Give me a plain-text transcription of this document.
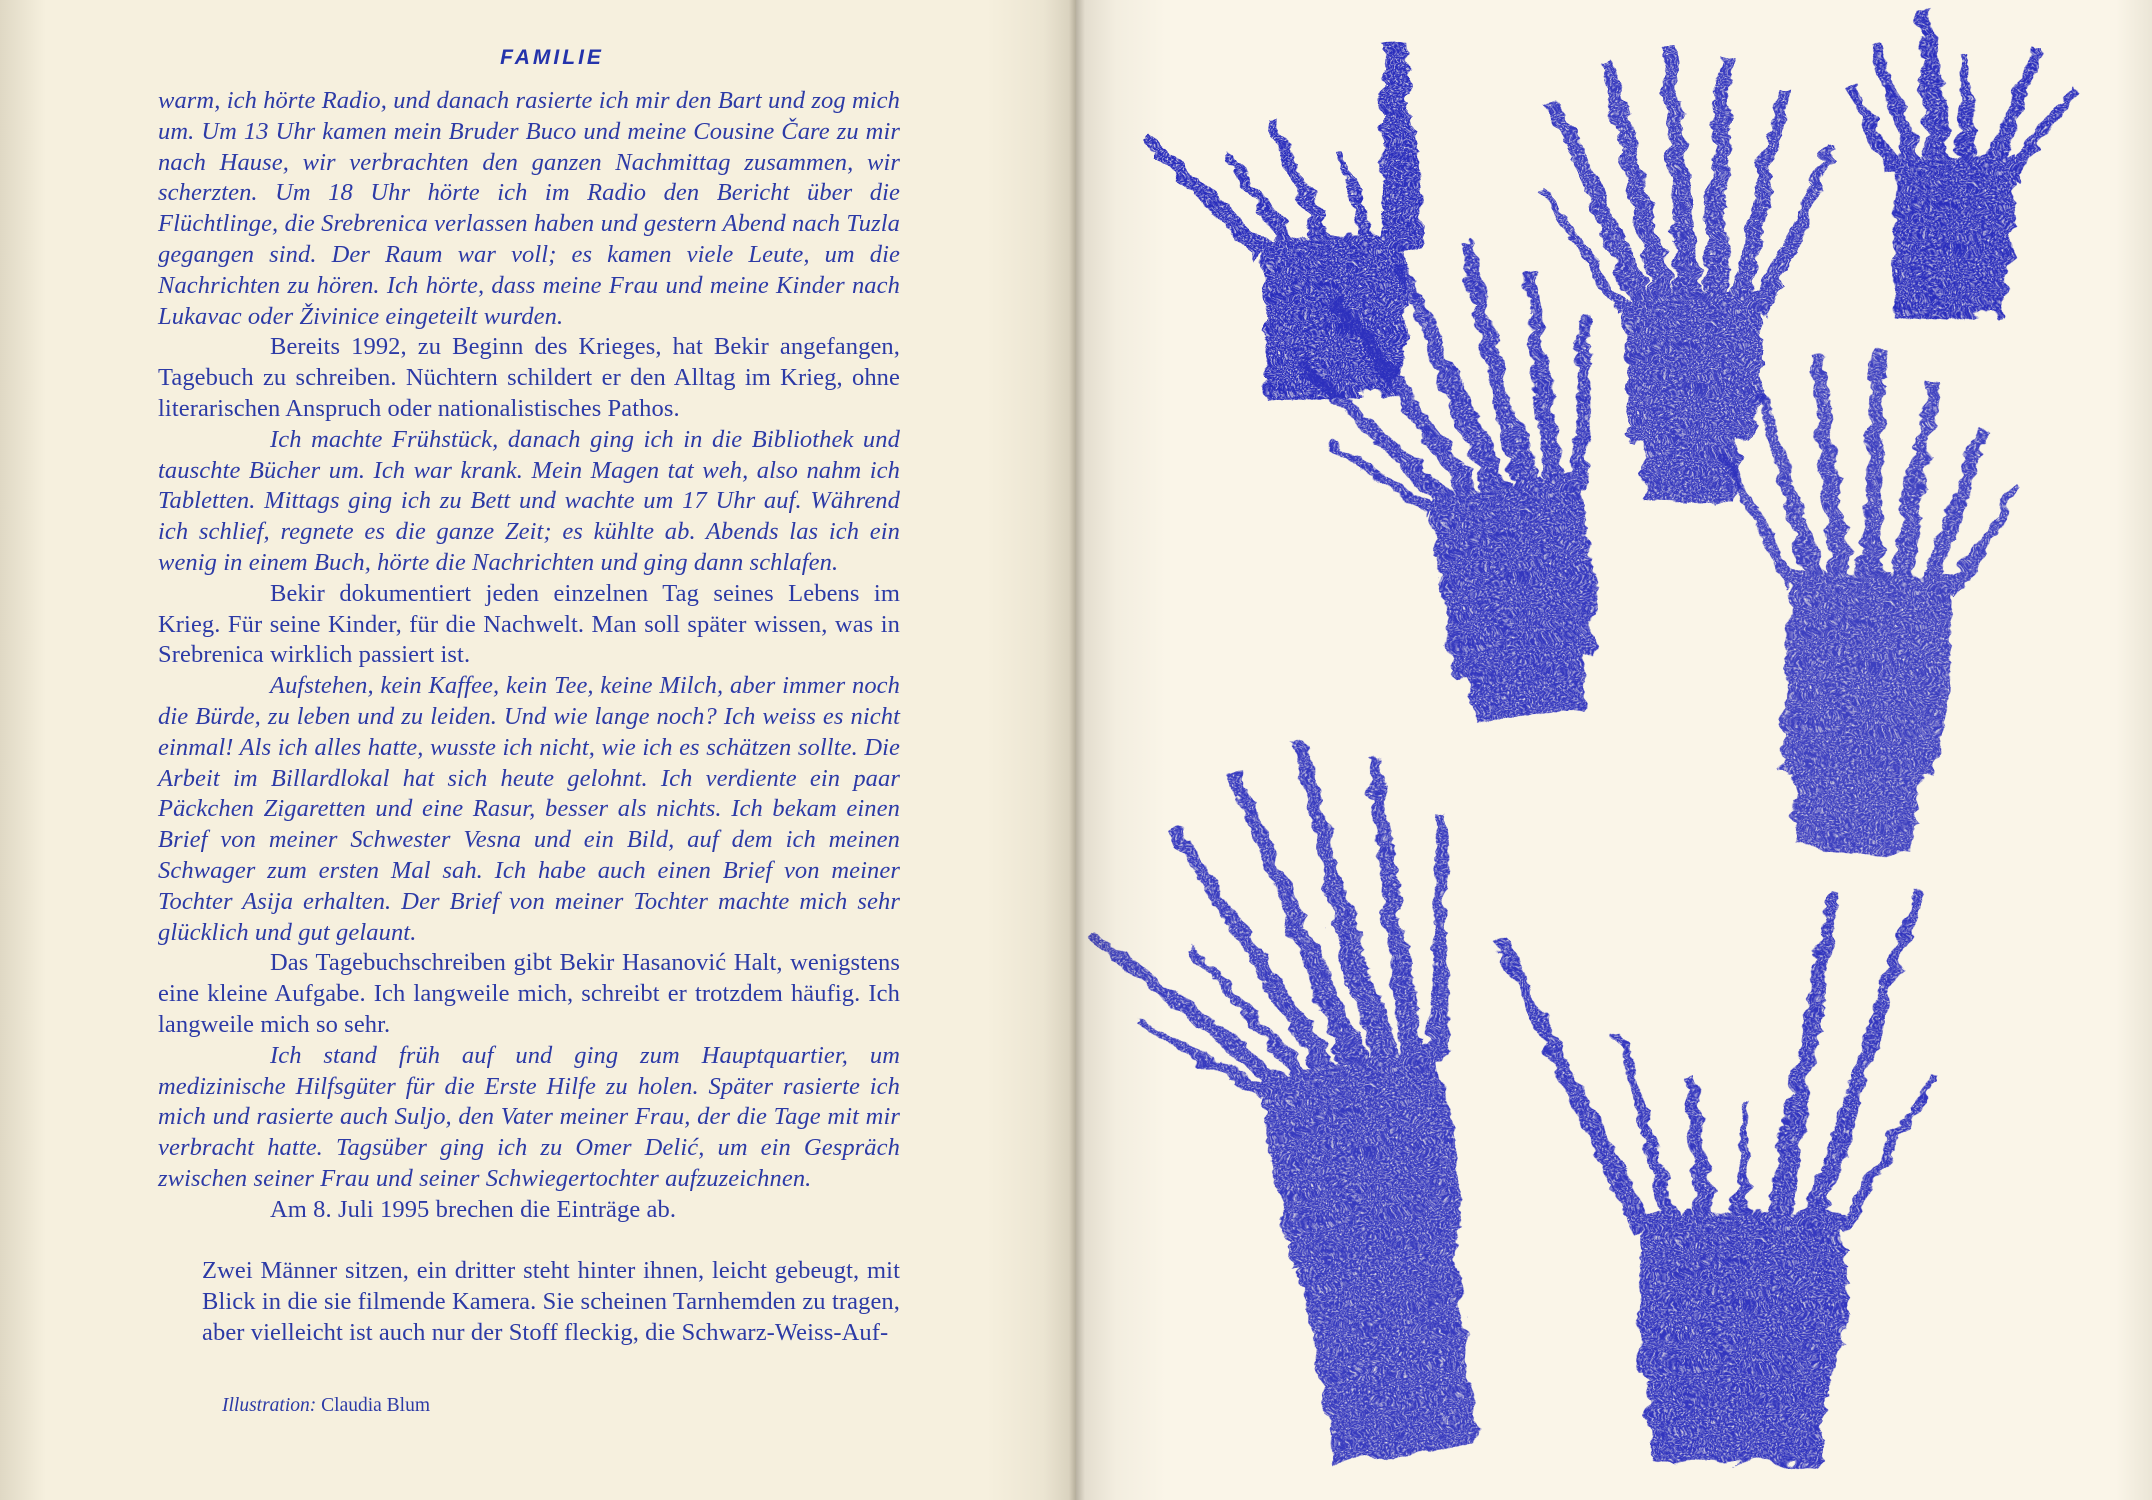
FAMILIE

warm, ich hörte Radio, und danach rasierte ich mir den Bart und zog mich um. Um 13 Uhr kamen mein Bruder Buco und meine Cousine Čare zu mir nach Hause, wir verbrachten den ganzen Nachmittag zusammen, wir scherzten. Um 18 Uhr hörte ich im Radio den Bericht über die Flüchtlinge, die Srebrenica verlassen haben und gestern Abend nach Tuzla gegangen sind. Der Raum war voll; es kamen viele Leute, um die Nachrichten zu hören. Ich hörte, dass meine Frau und meine Kinder nach Lukavac oder Živinice eingeteilt wurden.

Bereits 1992, zu Beginn des Krieges, hat Bekir angefangen, Tagebuch zu schreiben. Nüchtern schildert er den Alltag im Krieg, ohne literarischen Anspruch oder nationalistisches Pathos.

Ich machte Frühstück, danach ging ich in die Bibliothek und tauschte Bücher um. Ich war krank. Mein Magen tat weh, also nahm ich Tabletten. Mittags ging ich zu Bett und wachte um 17 Uhr auf. Während ich schlief, regnete es die ganze Zeit; es kühlte ab. Abends las ich ein wenig in einem Buch, hörte die Nachrichten und ging dann schlafen.

Bekir dokumentiert jeden einzelnen Tag seines Lebens im Krieg. Für seine Kinder, für die Nachwelt. Man soll später wissen, was in Srebrenica wirklich passiert ist.

Aufstehen, kein Kaffee, kein Tee, keine Milch, aber immer noch die Bürde, zu leben und zu leiden. Und wie lange noch? Ich weiss es nicht einmal! Als ich alles hatte, wusste ich nicht, wie ich es schätzen sollte. Die Arbeit im Billardlokal hat sich heute gelohnt. Ich verdiente ein paar Päckchen Zigaretten und eine Rasur, besser als nichts. Ich bekam einen Brief von meiner Schwester Vesna und ein Bild, auf dem ich meinen Schwager zum ersten Mal sah. Ich habe auch einen Brief von meiner Tochter Asija erhalten. Der Brief von meiner Tochter machte mich sehr glücklich und gut gelaunt.

Das Tagebuchschreiben gibt Bekir Hasanović Halt, wenigstens eine kleine Aufgabe. Ich langweile mich, schreibt er trotzdem häufig. Ich langweile mich so sehr.

Ich stand früh auf und ging zum Hauptquartier, um medizinische Hilfsgüter für die Erste Hilfe zu holen. Später rasierte ich mich und rasierte auch Suljo, den Vater meiner Frau, der die Tage mit mir verbracht hatte. Tagsüber ging ich zu Omer Delić, um ein Gespräch zwischen seiner Frau und seiner Schwiegertochter aufzuzeichnen.

Am 8. Juli 1995 brechen die Einträge ab.

Zwei Männer sitzen, ein dritter steht hinter ihnen, leicht gebeugt, mit Blick in die sie filmende Kamera. Sie scheinen Tarnhemden zu tragen, aber vielleicht ist auch nur der Stoff fleckig, die Schwarz-Weiss-Auf-

Illustration: Claudia Blum
